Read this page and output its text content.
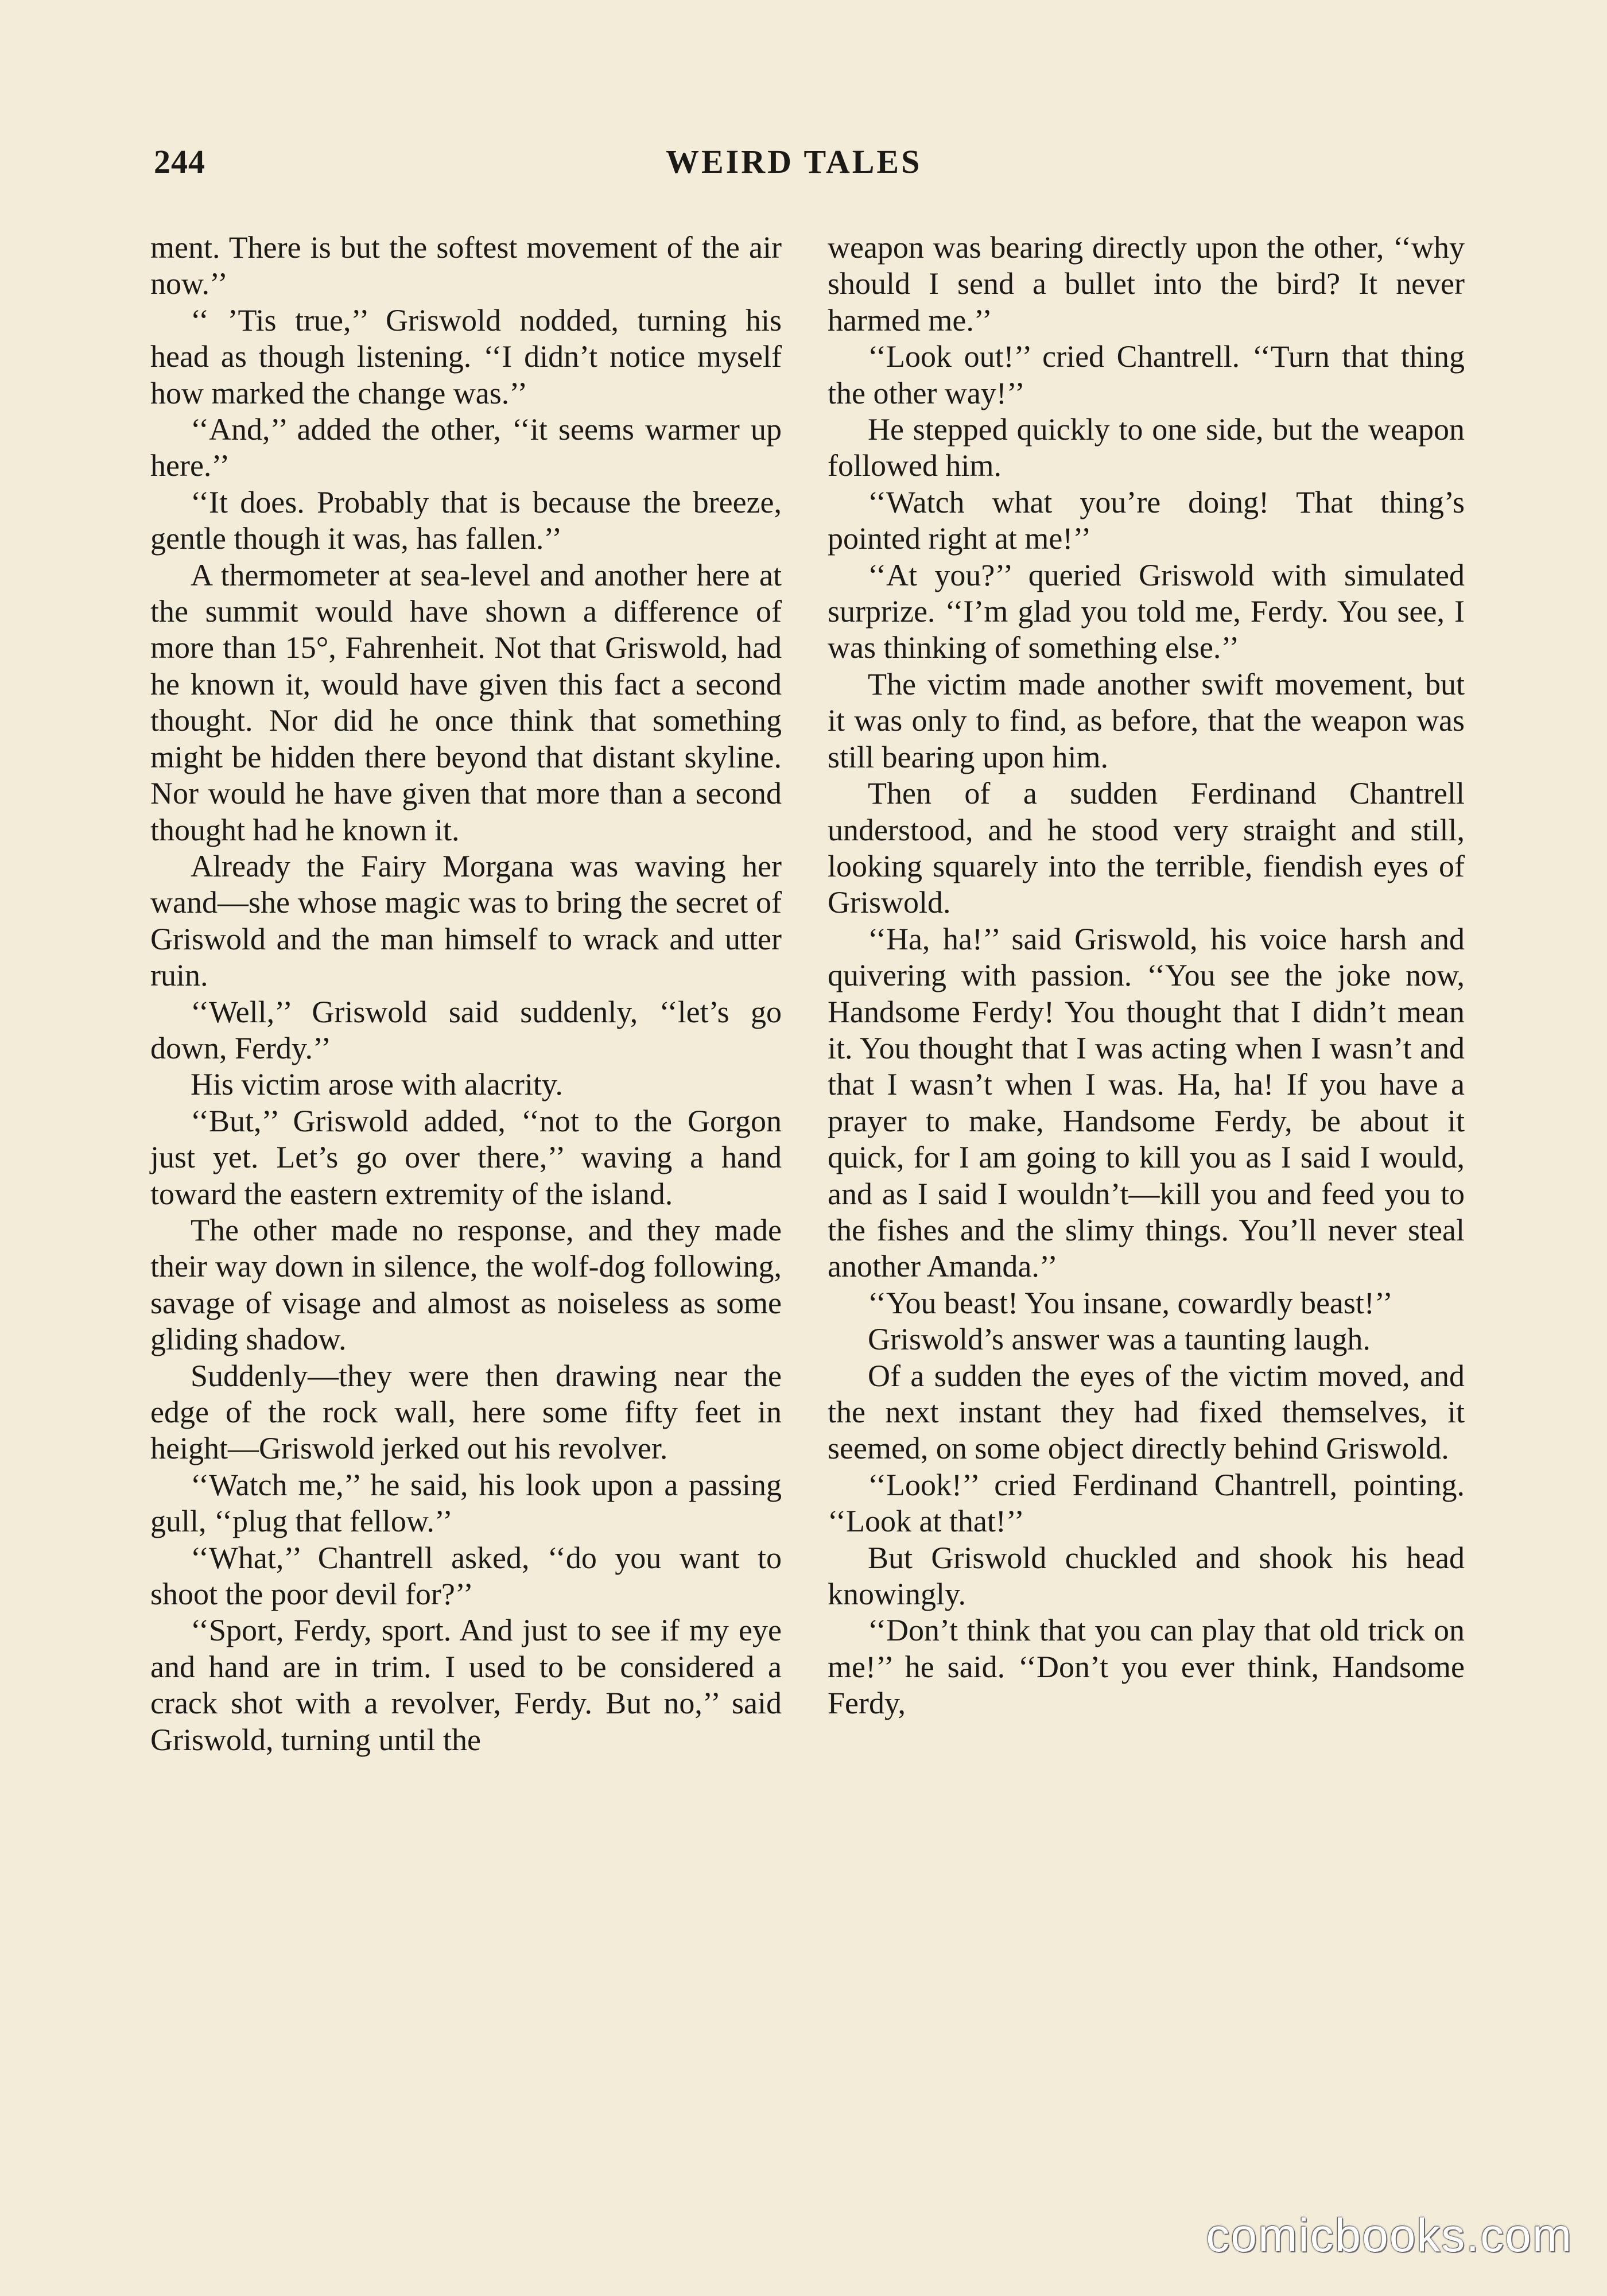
244	WEIRD TALES

ment. There is but the softest movement of the air now.’’

‘‘ ’Tis true,’’ Griswold nodded, turning his head as though listening. ‘‘I didn’t notice myself how marked the change was.’’

‘‘And,’’ added the other, ‘‘it seems warmer up here.’’

‘‘It does. Probably that is because the breeze, gentle though it was, has fallen.’’

A thermometer at sea-level and another here at the summit would have shown a difference of more than 15°, Fahrenheit. Not that Griswold, had he known it, would have given this fact a second thought. Nor did he once think that something might be hidden there beyond that distant skyline. Nor would he have given that more than a second thought had he known it.

Already the Fairy Morgana was waving her wand—she whose magic was to bring the secret of Griswold and the man himself to wrack and utter ruin.

‘‘Well,’’ Griswold said suddenly, ‘‘let’s go down, Ferdy.’’

His victim arose with alacrity.

‘‘But,’’ Griswold added, ‘‘not to the Gorgon just yet. Let’s go over there,’’ waving a hand toward the eastern extremity of the island.

The other made no response, and they made their way down in silence, the wolf-dog following, savage of visage and almost as noiseless as some gliding shadow.

Suddenly—they were then drawing near the edge of the rock wall, here some fifty feet in height—Griswold jerked out his revolver.

‘‘Watch me,’’ he said, his look upon a passing gull, ‘‘plug that fellow.’’

‘‘What,’’ Chantrell asked, ‘‘do you want to shoot the poor devil for?’’

‘‘Sport, Ferdy, sport. And just to see if my eye and hand are in trim. I used to be considered a crack shot with a revolver, Ferdy. But no,’’ said Griswold, turning until the

weapon was bearing directly upon the other, ‘‘why should I send a bullet into the bird? It never harmed me.’’

‘‘Look out!’’ cried Chantrell. ‘‘Turn that thing the other way!’’

He stepped quickly to one side, but the weapon followed him.

‘‘Watch what you’re doing! That thing’s pointed right at me!’’

‘‘At you?’’ queried Griswold with simulated surprize. ‘‘I’m glad you told me, Ferdy. You see, I was thinking of something else.’’

The victim made another swift movement, but it was only to find, as before, that the weapon was still bearing upon him.

Then of a sudden Ferdinand Chantrell understood, and he stood very straight and still, looking squarely into the terrible, fiendish eyes of Griswold.

‘‘Ha, ha!’’ said Griswold, his voice harsh and quivering with passion. ‘‘You see the joke now, Handsome Ferdy! You thought that I didn’t mean it. You thought that I was acting when I wasn’t and that I wasn’t when I was. Ha, ha! If you have a prayer to make, Handsome Ferdy, be about it quick, for I am going to kill you as I said I would, and as I said I wouldn’t—kill you and feed you to the fishes and the slimy things. You’ll never steal another Amanda.’’

‘‘You beast! You insane, cowardly beast!’’

Griswold’s answer was a taunting laugh.

Of a sudden the eyes of the victim moved, and the next instant they had fixed themselves, it seemed, on some object directly behind Griswold.

‘‘Look!’’ cried Ferdinand Chantrell, pointing. ‘‘Look at that!’’

But Griswold chuckled and shook his head knowingly.

‘‘Don’t think that you can play that old trick on me!’’ he said. ‘‘Don’t you ever think, Handsome Ferdy,

comicbooks.com
